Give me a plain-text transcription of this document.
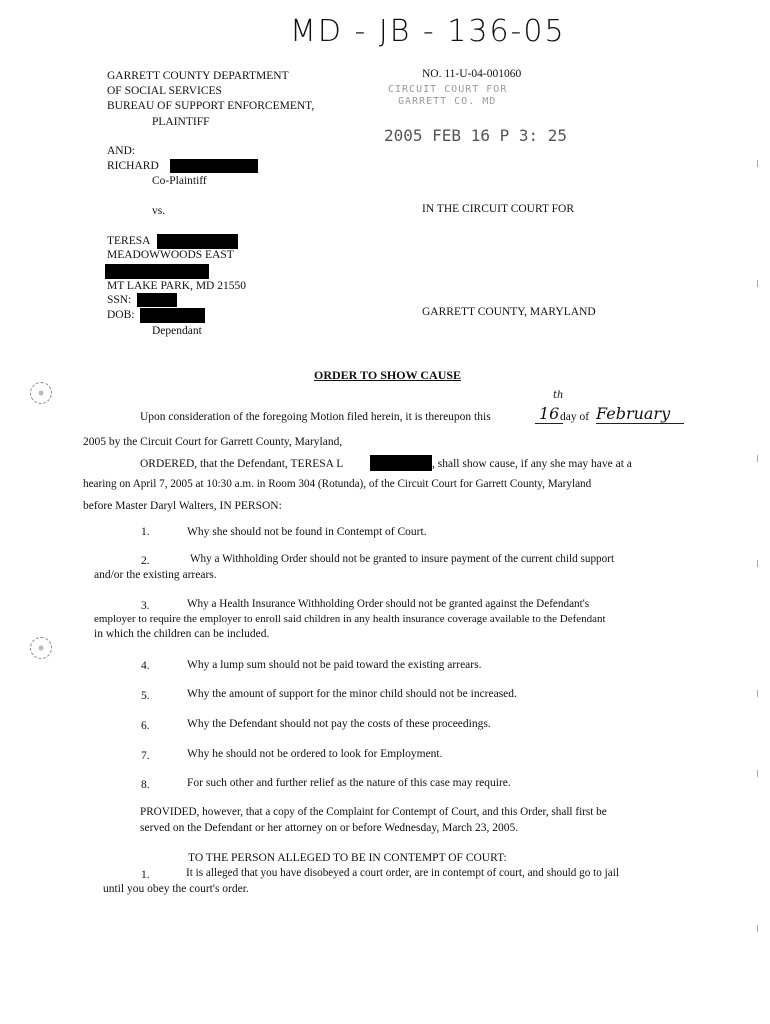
MD - JB - 136-05
GARRETT COUNTY DEPARTMENT
OF SOCIAL SERVICES
BUREAU OF SUPPORT ENFORCEMENT,
PLAINTIFF
NO. 11-U-04-001060
CIRCUIT COURT FOR
GARRETT CO. MD
2005 FEB 16 P 3: 25
AND:
RICHARD
Co-Plaintiff
vs.	IN THE CIRCUIT COURT FOR
TERESA
MEADOWWOODS EAST
MT LAKE PARK, MD 21550
SSN:
DOB:
Dependant
GARRETT COUNTY, MARYLAND
ORDER TO SHOW CAUSE
Upon consideration of the foregoing Motion filed herein, it is thereupon this	16
th
day of February
2005 by the Circuit Court for Garrett County, Maryland,
ORDERED, that the Defendant, TERESA L	, shall show cause, if any she may have at a
hearing on April 7, 2005 at 10:30 a.m. in Room 304 (Rotunda), of the Circuit Court for Garrett County, Maryland
before Master Daryl Walters, IN PERSON:
1.	Why she should not be found in Contempt of Court.
2.	Why a Withholding Order should not be granted to insure payment of the current child support
and/or the existing arrears.
3.	Why a Health Insurance Withholding Order should not be granted against the Defendant's
employer to require the employer to enroll said children in any health insurance coverage available to the Defendant
in which the children can be included.
4.	Why a lump sum should not be paid toward the existing arrears.
5.	Why the amount of support for the minor child should not be increased.
6.	Why the Defendant should not pay the costs of these proceedings.
7.	Why he should not be ordered to look for Employment.
8.	For such other and further relief as the nature of this case may require.
PROVIDED, however, that a copy of the Complaint for Contempt of Court, and this Order, shall first be
served on the Defendant or her attorney on or before Wednesday, March 23, 2005.
TO THE PERSON ALLEGED TO BE IN CONTEMPT OF COURT:
1.	It is alleged that you have disobeyed a court order, are in contempt of court, and should go to jail
until you obey the court's order.
